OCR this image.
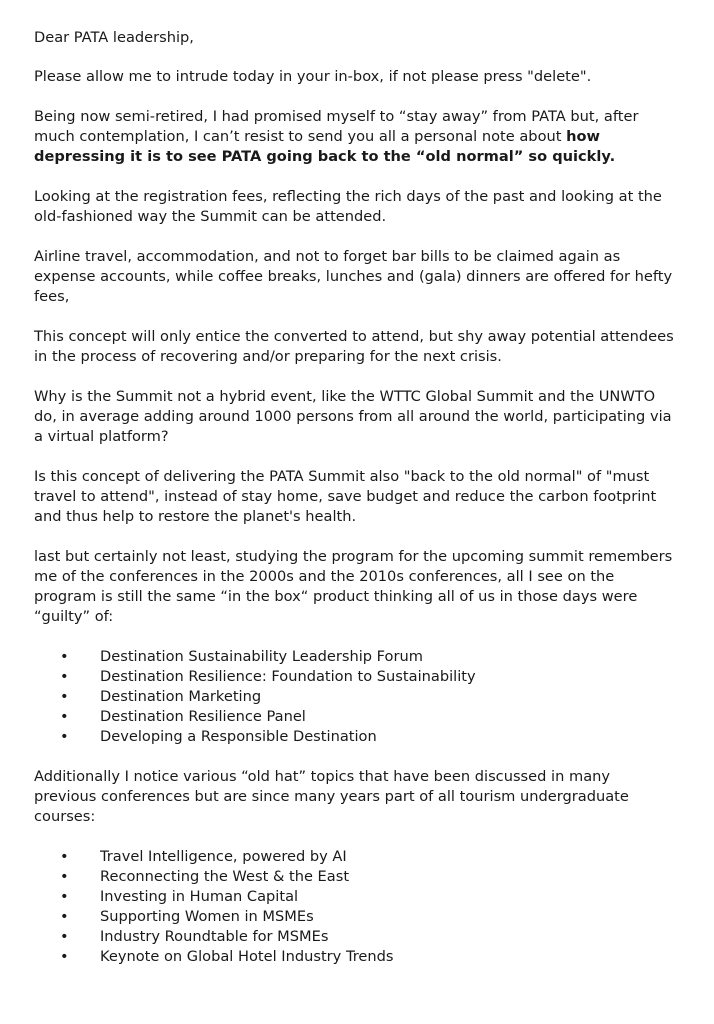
Dear PATA leadership,

Please allow me to intrude today in your in-box, if not please press "delete".

Being now semi-retired, I had promised myself to “stay away” from PATA but, after much contemplation, I can’t resist to send you all a personal note about how depressing it is to see PATA going back to the “old normal” so quickly.

Looking at the registration fees, reflecting the rich days of the past and looking at the old-fashioned way the Summit can be attended.

Airline travel, accommodation, and not to forget bar bills to be claimed again as expense accounts, while coffee breaks, lunches and (gala) dinners are offered for hefty fees,

This concept will only entice the converted to attend, but shy away potential attendees in the process of recovering and/or preparing for the next crisis.

Why is the Summit not a hybrid event, like the WTTC Global Summit and the UNWTO do, in average adding around 1000 persons from all around the world, participating via a virtual platform?

Is this concept of delivering the PATA Summit also "back to the old normal" of "must travel to attend", instead of stay home, save budget and reduce the carbon footprint and thus help to restore the planet's health.

last but certainly not least, studying the program for the upcoming summit remembers me of the conferences in the 2000s and the 2010s conferences, all I see on the program is still the same “in the box“ product thinking all of us in those days were “guilty” of:

• Destination Sustainability Leadership Forum
• Destination Resilience: Foundation to Sustainability
• Destination Marketing
• Destination Resilience Panel
• Developing a Responsible Destination

Additionally I notice various “old hat” topics that have been discussed in many previous conferences but are since many years part of all tourism undergraduate courses:

• Travel Intelligence, powered by AI
• Reconnecting the West & the East
• Investing in Human Capital
• Supporting Women in MSMEs
• Industry Roundtable for MSMEs
• Keynote on Global Hotel Industry Trends
